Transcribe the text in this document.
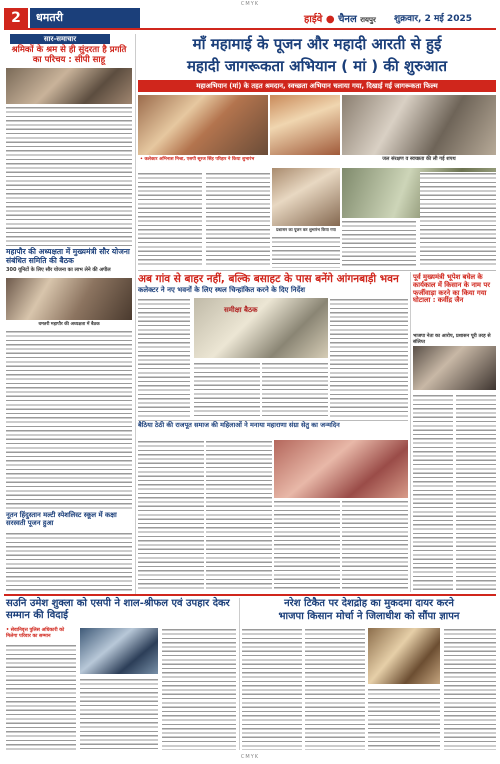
CMYK
CMYK
2	धमतरी	हाईवे ● चैनल रायपुर शुक्रवार, 2 मई 2025
सार-समाचार
श्रमिकों के श्रम से ही सुंदरता है प्रगति का परिचय : सीपी साहू
महापौर की अध्यक्षता में मुख्यमंत्री सौर योजना संबंधित समिति की बैठक
300 यूनिटों के लिए सौर योजना का लाभ लेने की अपील
धमतरी महापौर की अध्यक्षता में बैठक
नूतन हिंदुस्तान मल्टी स्पेशलिस्ट स्कूल में कक्षा सरस्वती पूजन हुआ
माँ महामाई के पूजन और महादी आरती से हुई
महादी जागरूकता अभियान ( मां ) की शुरुआत
महाअभियान (मां) के तहत श्रमदान, स्वच्छता अभियान चलाया गया, दिखाई गई जागरूकता फिल्म
• कलेक्टर अभिनाश मिश्रा, एसपी सूरज सिंह परिहार ने किया शुभारंभ	जल संरक्षण व स्वच्छता की ली गई शपथ
प्रशासन का पूजन कर शुभारंभ किया गया
अब गांव से बाहर नहीं, बल्कि बसाहट के पास बनेंगे आंगनबाड़ी भवन
कलेक्टर ने नए भवनों के लिए स्थल चिन्हांकित करने के दिए निर्देश
समीक्षा बैठक
बैठिया ठेठी की राजपूत समाज की महिलाओं ने मनाया महाराणा संग्रा सेतु का जन्मदिन
पूर्व मुख्यमंत्री भूपेश बघेल के कार्यकाल में किसान के नाम पर फर्जीवाड़ा करने का किया गया घोटाला : कवींद्र जैन
भाजपा नेता का आरोप, प्रशासन पूरी तरह से संलिप्त
सउनि उमेश शुक्ला को एसपी ने शाल-श्रीफल एवं उपहार देकर सम्मान की विदाई
• सेवानिवृत्त पुलिस अधिकारी को मिलेगा परिवार का सम्मान
नरेश टिकैत पर देशद्रोह का मुकदमा दायर करने
भाजपा किसान मोर्चा ने जिलाधीश को सौंपा ज्ञापन
